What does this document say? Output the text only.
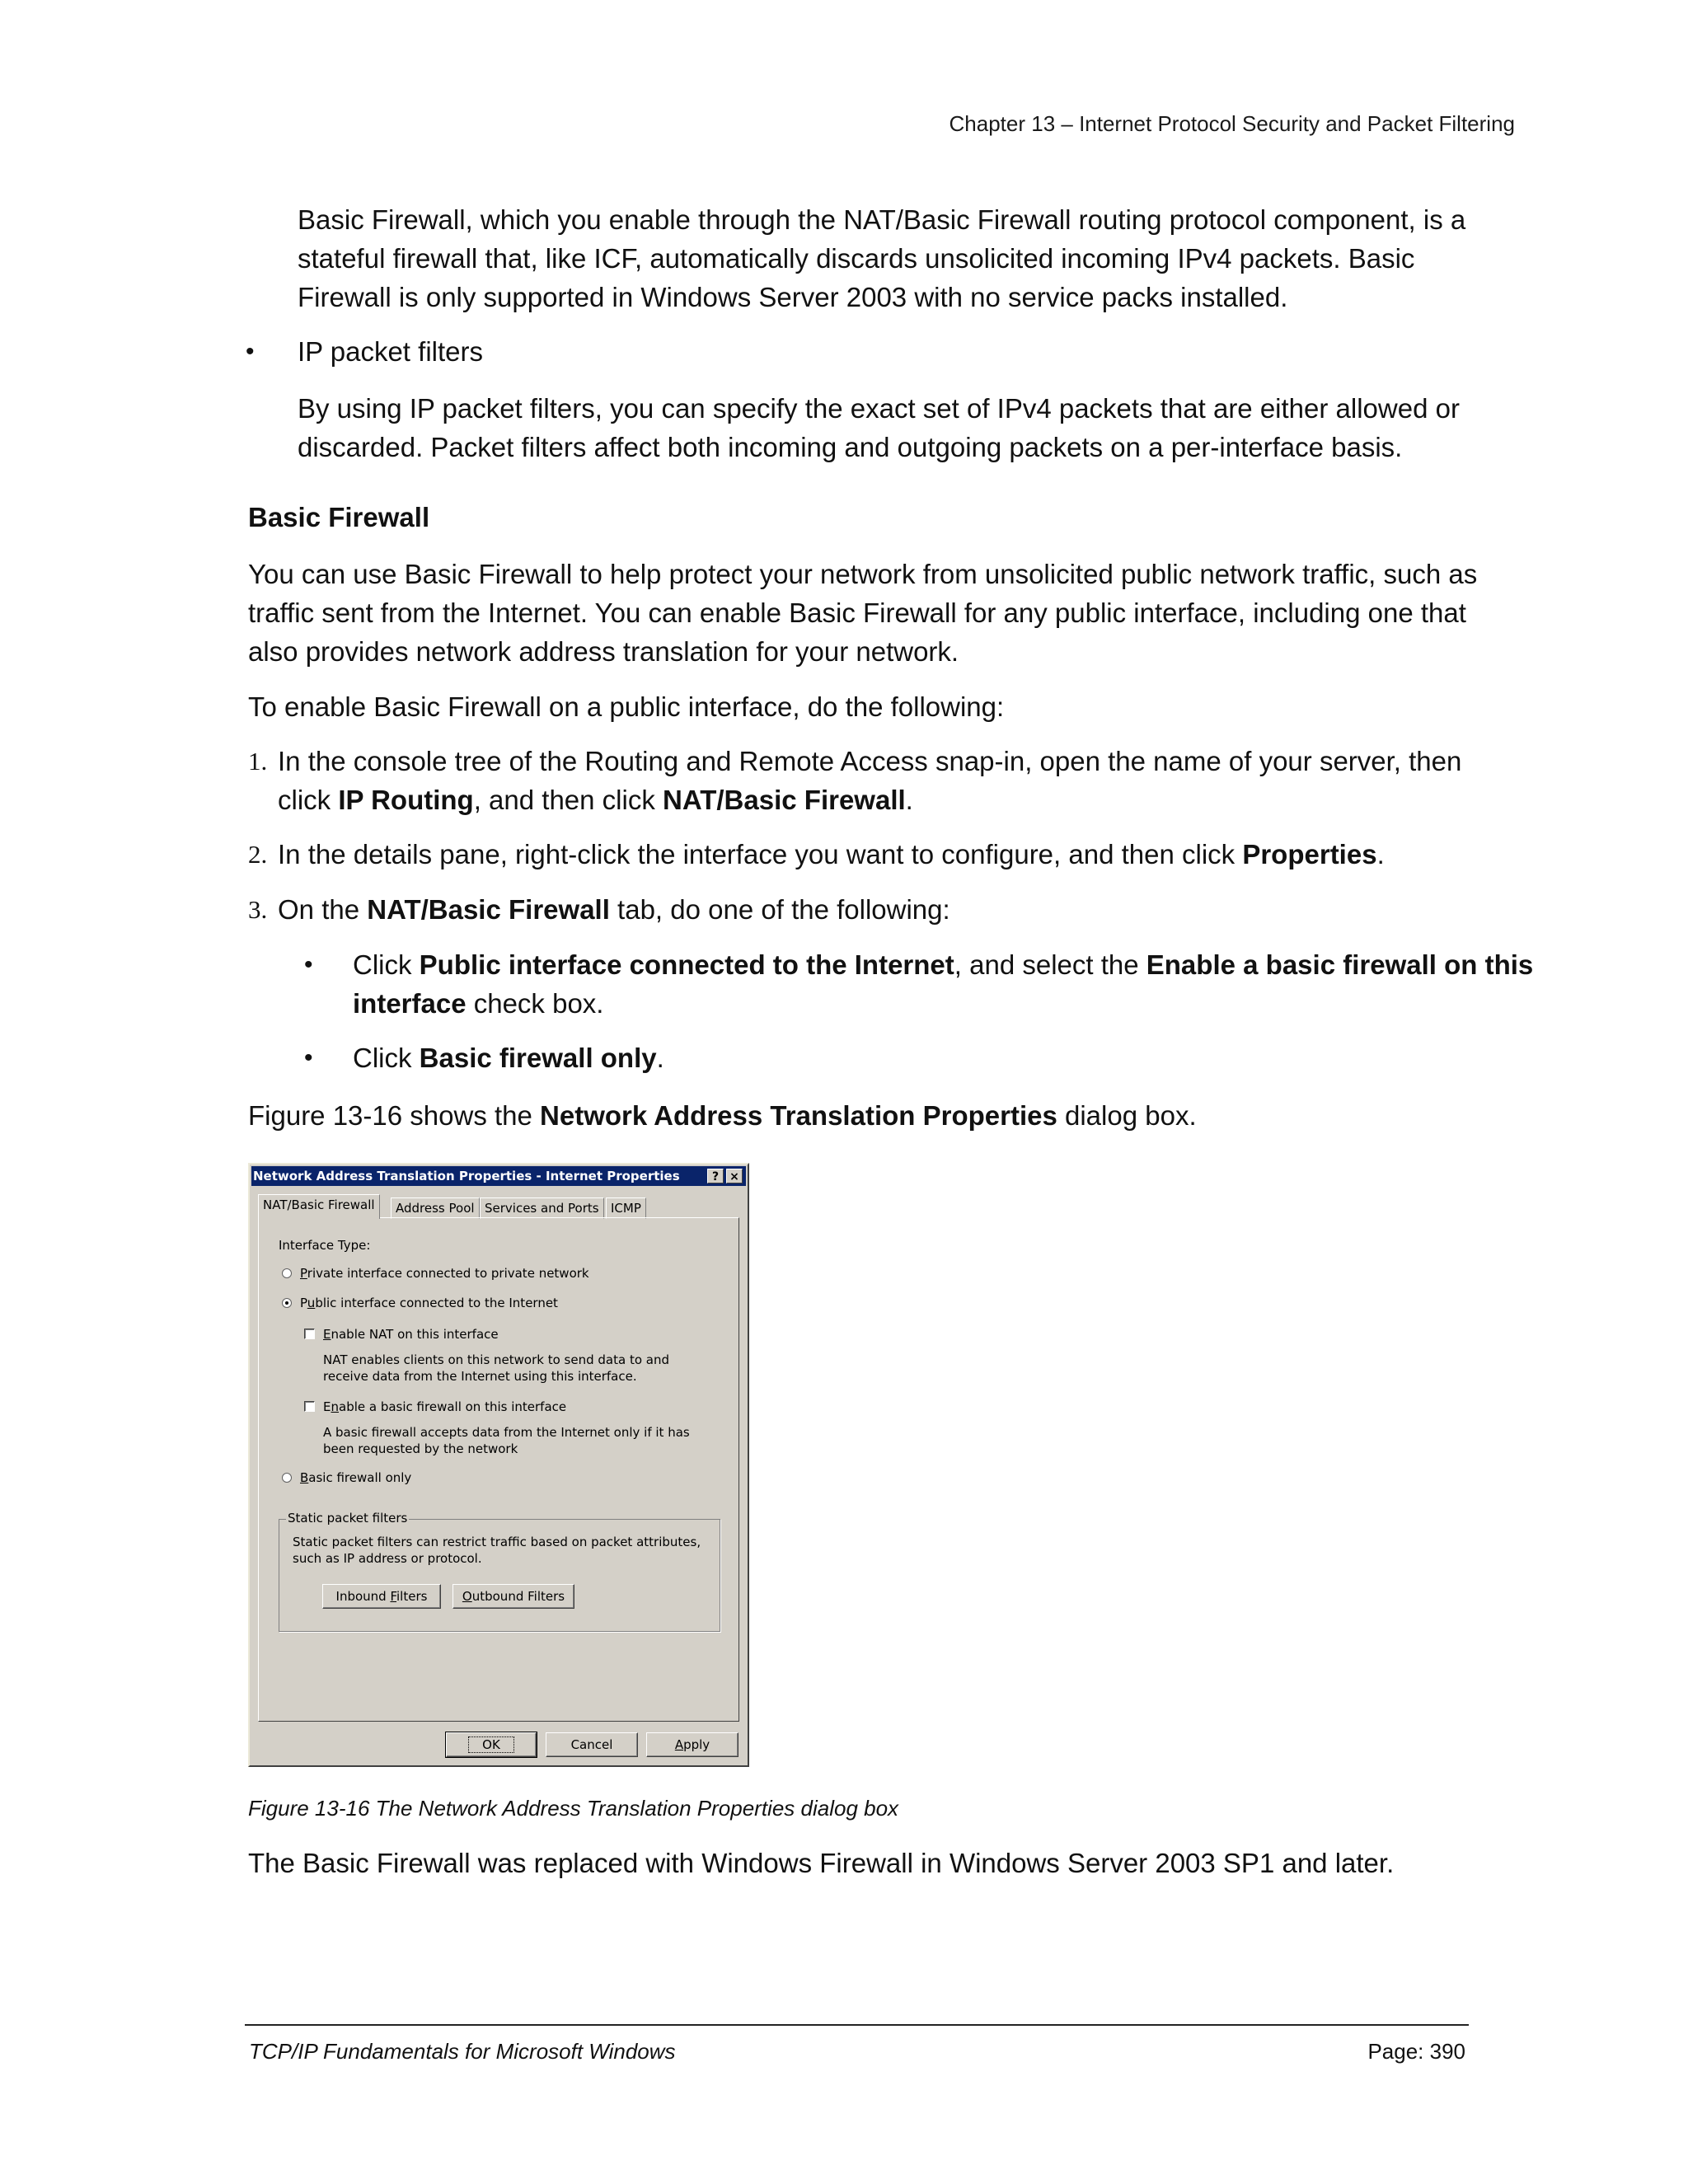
Chapter 13 – Internet Protocol Security and Packet Filtering
Basic Firewall, which you enable through the NAT/Basic Firewall routing protocol component, is a
stateful firewall that, like ICF, automatically discards unsolicited incoming IPv4 packets. Basic
Firewall is only supported in Windows Server 2003 with no service packs installed.
• IP packet filters
By using IP packet filters, you can specify the exact set of IPv4 packets that are either allowed or
discarded. Packet filters affect both incoming and outgoing packets on a per-interface basis.
Basic Firewall
You can use Basic Firewall to help protect your network from unsolicited public network traffic, such as
traffic sent from the Internet. You can enable Basic Firewall for any public interface, including one that
also provides network address translation for your network.
To enable Basic Firewall on a public interface, do the following:
1. In the console tree of the Routing and Remote Access snap-in, open the name of your server, then
click IP Routing, and then click NAT/Basic Firewall.
2. In the details pane, right-click the interface you want to configure, and then click Properties.
3. On the NAT/Basic Firewall tab, do one of the following:
• Click Public interface connected to the Internet, and select the Enable a basic firewall on this
interface check box.
• Click Basic firewall only.
Figure 13-16 shows the Network Address Translation Properties dialog box.
Network Address Translation Properties - Internet Properties	? ×
NAT/Basic Firewall	Address Pool Services and Ports ICMP
Interface Type:
Private interface connected to private network
Public interface connected to the Internet
Enable NAT on this interface
NAT enables clients on this network to send data to and receive data from the Internet using this interface.
Enable a basic firewall on this interface
A basic firewall accepts data from the Internet only if it has been requested by the network
Basic firewall only
Static packet filters
Static packet filters can restrict traffic based on packet attributes, such as IP address or protocol.
Inbound Filters	Outbound Filters
OK	Cancel	Apply
Figure 13-16 The Network Address Translation Properties dialog box
The Basic Firewall was replaced with Windows Firewall in Windows Server 2003 SP1 and later.
TCP/IP Fundamentals for Microsoft Windows	Page: 390
